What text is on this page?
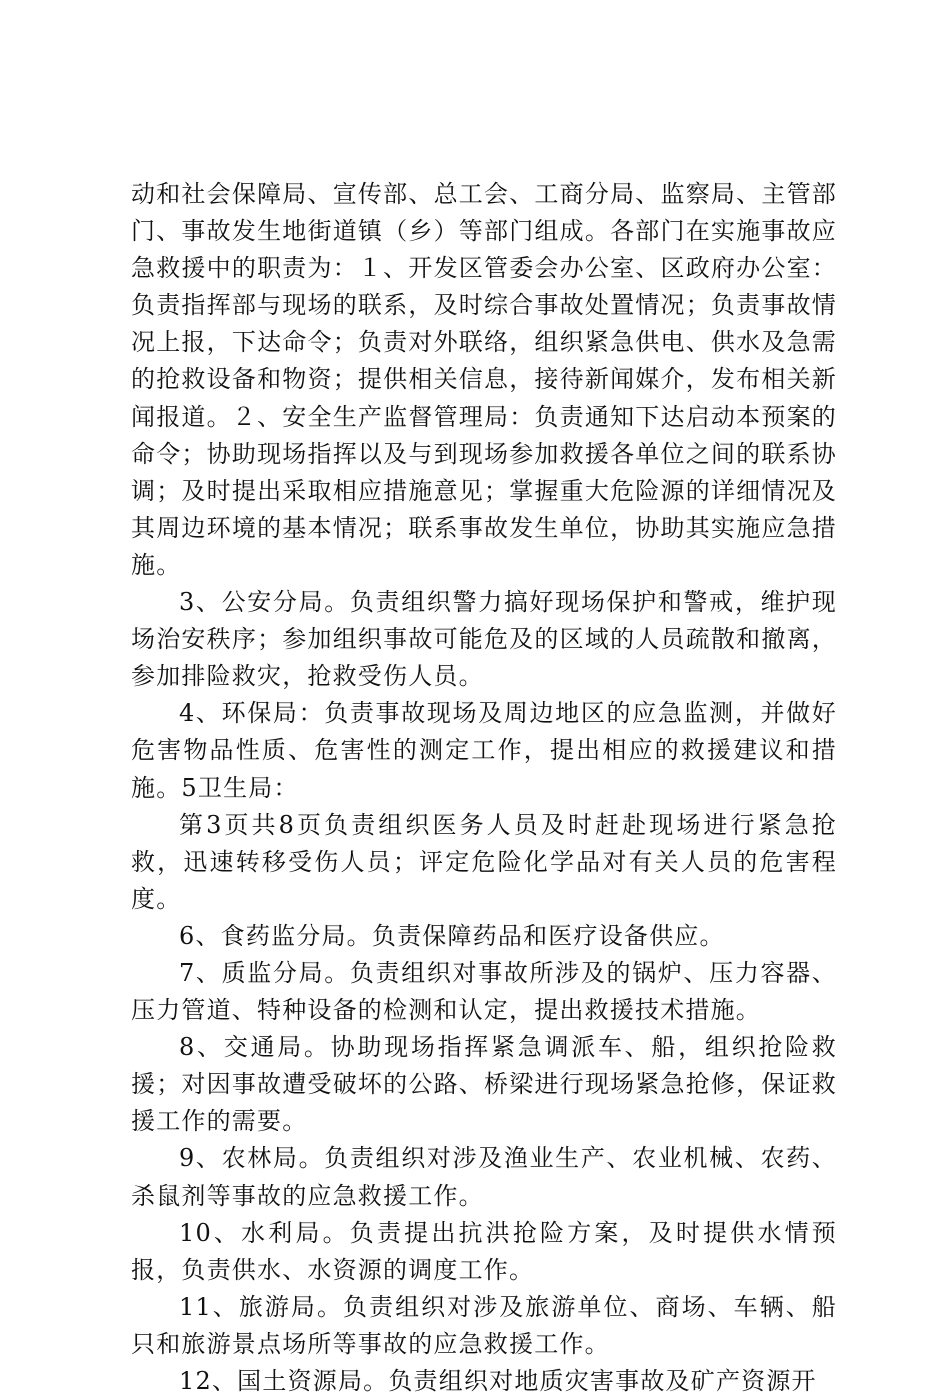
动和社会保障局、宣传部、总工会、工商分局、监察局、主管部门、事故发生地街道镇（乡）等部门组成。各部门在实施事故应急救援中的职责为：１、开发区管委会办公室、区政府办公室：负责指挥部与现场的联系，及时综合事故处置情况；负责事故情况上报，下达命令；负责对外联络，组织紧急供电、供水及急需的抢救设备和物资；提供相关信息，接待新闻媒介，发布相关新闻报道。２、安全生产监督管理局：负责通知下达启动本预案的命令；协助现场指挥以及与到现场参加救援各单位之间的联系协调；及时提出采取相应措施意见；掌握重大危险源的详细情况及其周边环境的基本情况；联系事故发生单位，协助其实施应急措施。

3、公安分局。负责组织警力搞好现场保护和警戒，维护现场治安秩序；参加组织事故可能危及的区域的人员疏散和撤离，参加排险救灾，抢救受伤人员。

4、环保局：负责事故现场及周边地区的应急监测，并做好危害物品性质、危害性的测定工作，提出相应的救援建议和措施。5卫生局：

第3页共8页负责组织医务人员及时赶赴现场进行紧急抢救，迅速转移受伤人员；评定危险化学品对有关人员的危害程度。

6、食药监分局。负责保障药品和医疗设备供应。

7、质监分局。负责组织对事故所涉及的锅炉、压力容器、压力管道、特种设备的检测和认定，提出救援技术措施。

8、交通局。协助现场指挥紧急调派车、船，组织抢险救援；对因事故遭受破坏的公路、桥梁进行现场紧急抢修，保证救援工作的需要。

9、农林局。负责组织对涉及渔业生产、农业机械、农药、杀鼠剂等事故的应急救援工作。

10、水利局。负责提出抗洪抢险方案，及时提供水情预报，负责供水、水资源的调度工作。

11、旅游局。负责组织对涉及旅游单位、商场、车辆、船只和旅游景点场所等事故的应急救援工作。

12、国土资源局。负责组织对地质灾害事故及矿产资源开
